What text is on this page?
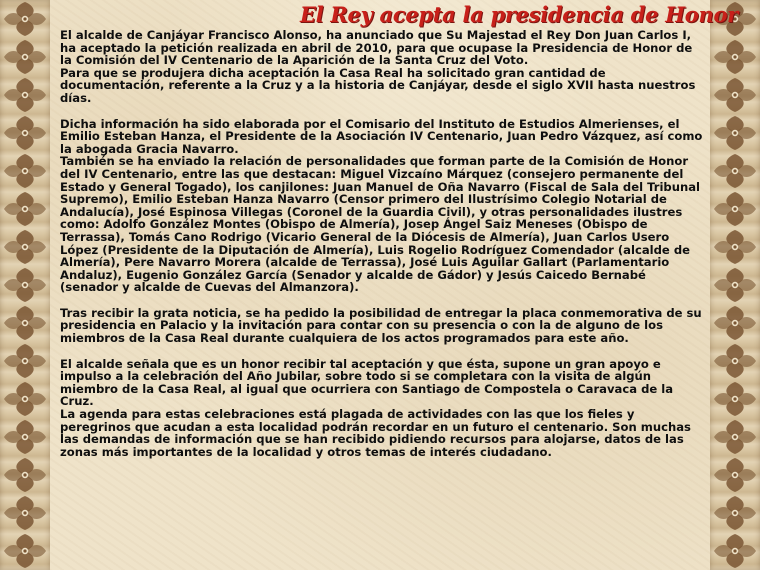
El Rey acepta la presidencia de Honor

El alcalde de Canjáyar Francisco Alonso, ha anunciado que Su Majestad el Rey Don Juan Carlos I, ha aceptado la petición realizada en abril de 2010, para que ocupase la Presidencia de Honor de la Comisión del IV Centenario de la Aparición de la Santa Cruz del Voto.

Para que se produjera dicha aceptación la Casa Real ha solicitado gran cantidad de documentación, referente a la Cruz y a la historia de Canjáyar, desde el siglo XVII hasta nuestros días.

Dicha información ha sido elaborada por el Comisario del Instituto de Estudios Almerienses, el Emilio Esteban Hanza, el Presidente de la Asociación IV Centenario, Juan Pedro Vázquez, así como la abogada Gracia Navarro.

También se ha enviado la relación de personalidades que forman parte de la Comisión de Honor del IV Centenario, entre las que destacan: Miguel Vizcaíno Márquez (consejero permanente del Estado y General Togado), los canjilones: Juan Manuel de Oña Navarro (Fiscal de Sala del Tribunal Supremo), Emilio Esteban Hanza Navarro (Censor primero del Ilustrísimo Colegio Notarial de Andalucía), José Espinosa Villegas (Coronel de la Guardia Civil), y otras personalidades ilustres como: Adolfo González Montes (Obispo de Almería), Josep Ángel Saiz Meneses (Obispo de Terrassa), Tomás Cano Rodrigo (Vicario General de la Diócesis de Almería), Juan Carlos Usero López (Presidente de la Diputación de Almería), Luis Rogelio Rodríguez Comendador (alcalde de Almería), Pere Navarro Morera (alcalde de Terrassa), José Luis Aguilar Gallart (Parlamentario Andaluz), Eugenio González García (Senador y alcalde de Gádor) y Jesús Caicedo Bernabé (senador y alcalde de Cuevas del Almanzora).

Tras recibir la grata noticia, se ha pedido la posibilidad de entregar la placa conmemorativa de su presidencia en Palacio y la invitación para contar con su presencia o con la de alguno de los miembros de la Casa Real durante cualquiera de los actos programados para este año.

El alcalde señala que es un honor recibir tal aceptación y que ésta, supone un gran apoyo e impulso a la celebración del Año Jubilar, sobre todo si se completara con la visita de algún miembro de la Casa Real, al igual que ocurriera con Santiago de Compostela o Caravaca de la Cruz.

La agenda para estas celebraciones está plagada de actividades con las que los fieles y peregrinos que acudan a esta localidad podrán recordar en un futuro el centenario. Son muchas las demandas de información que se han recibido pidiendo recursos para alojarse, datos de las zonas más importantes de la localidad y otros temas de interés ciudadano.
